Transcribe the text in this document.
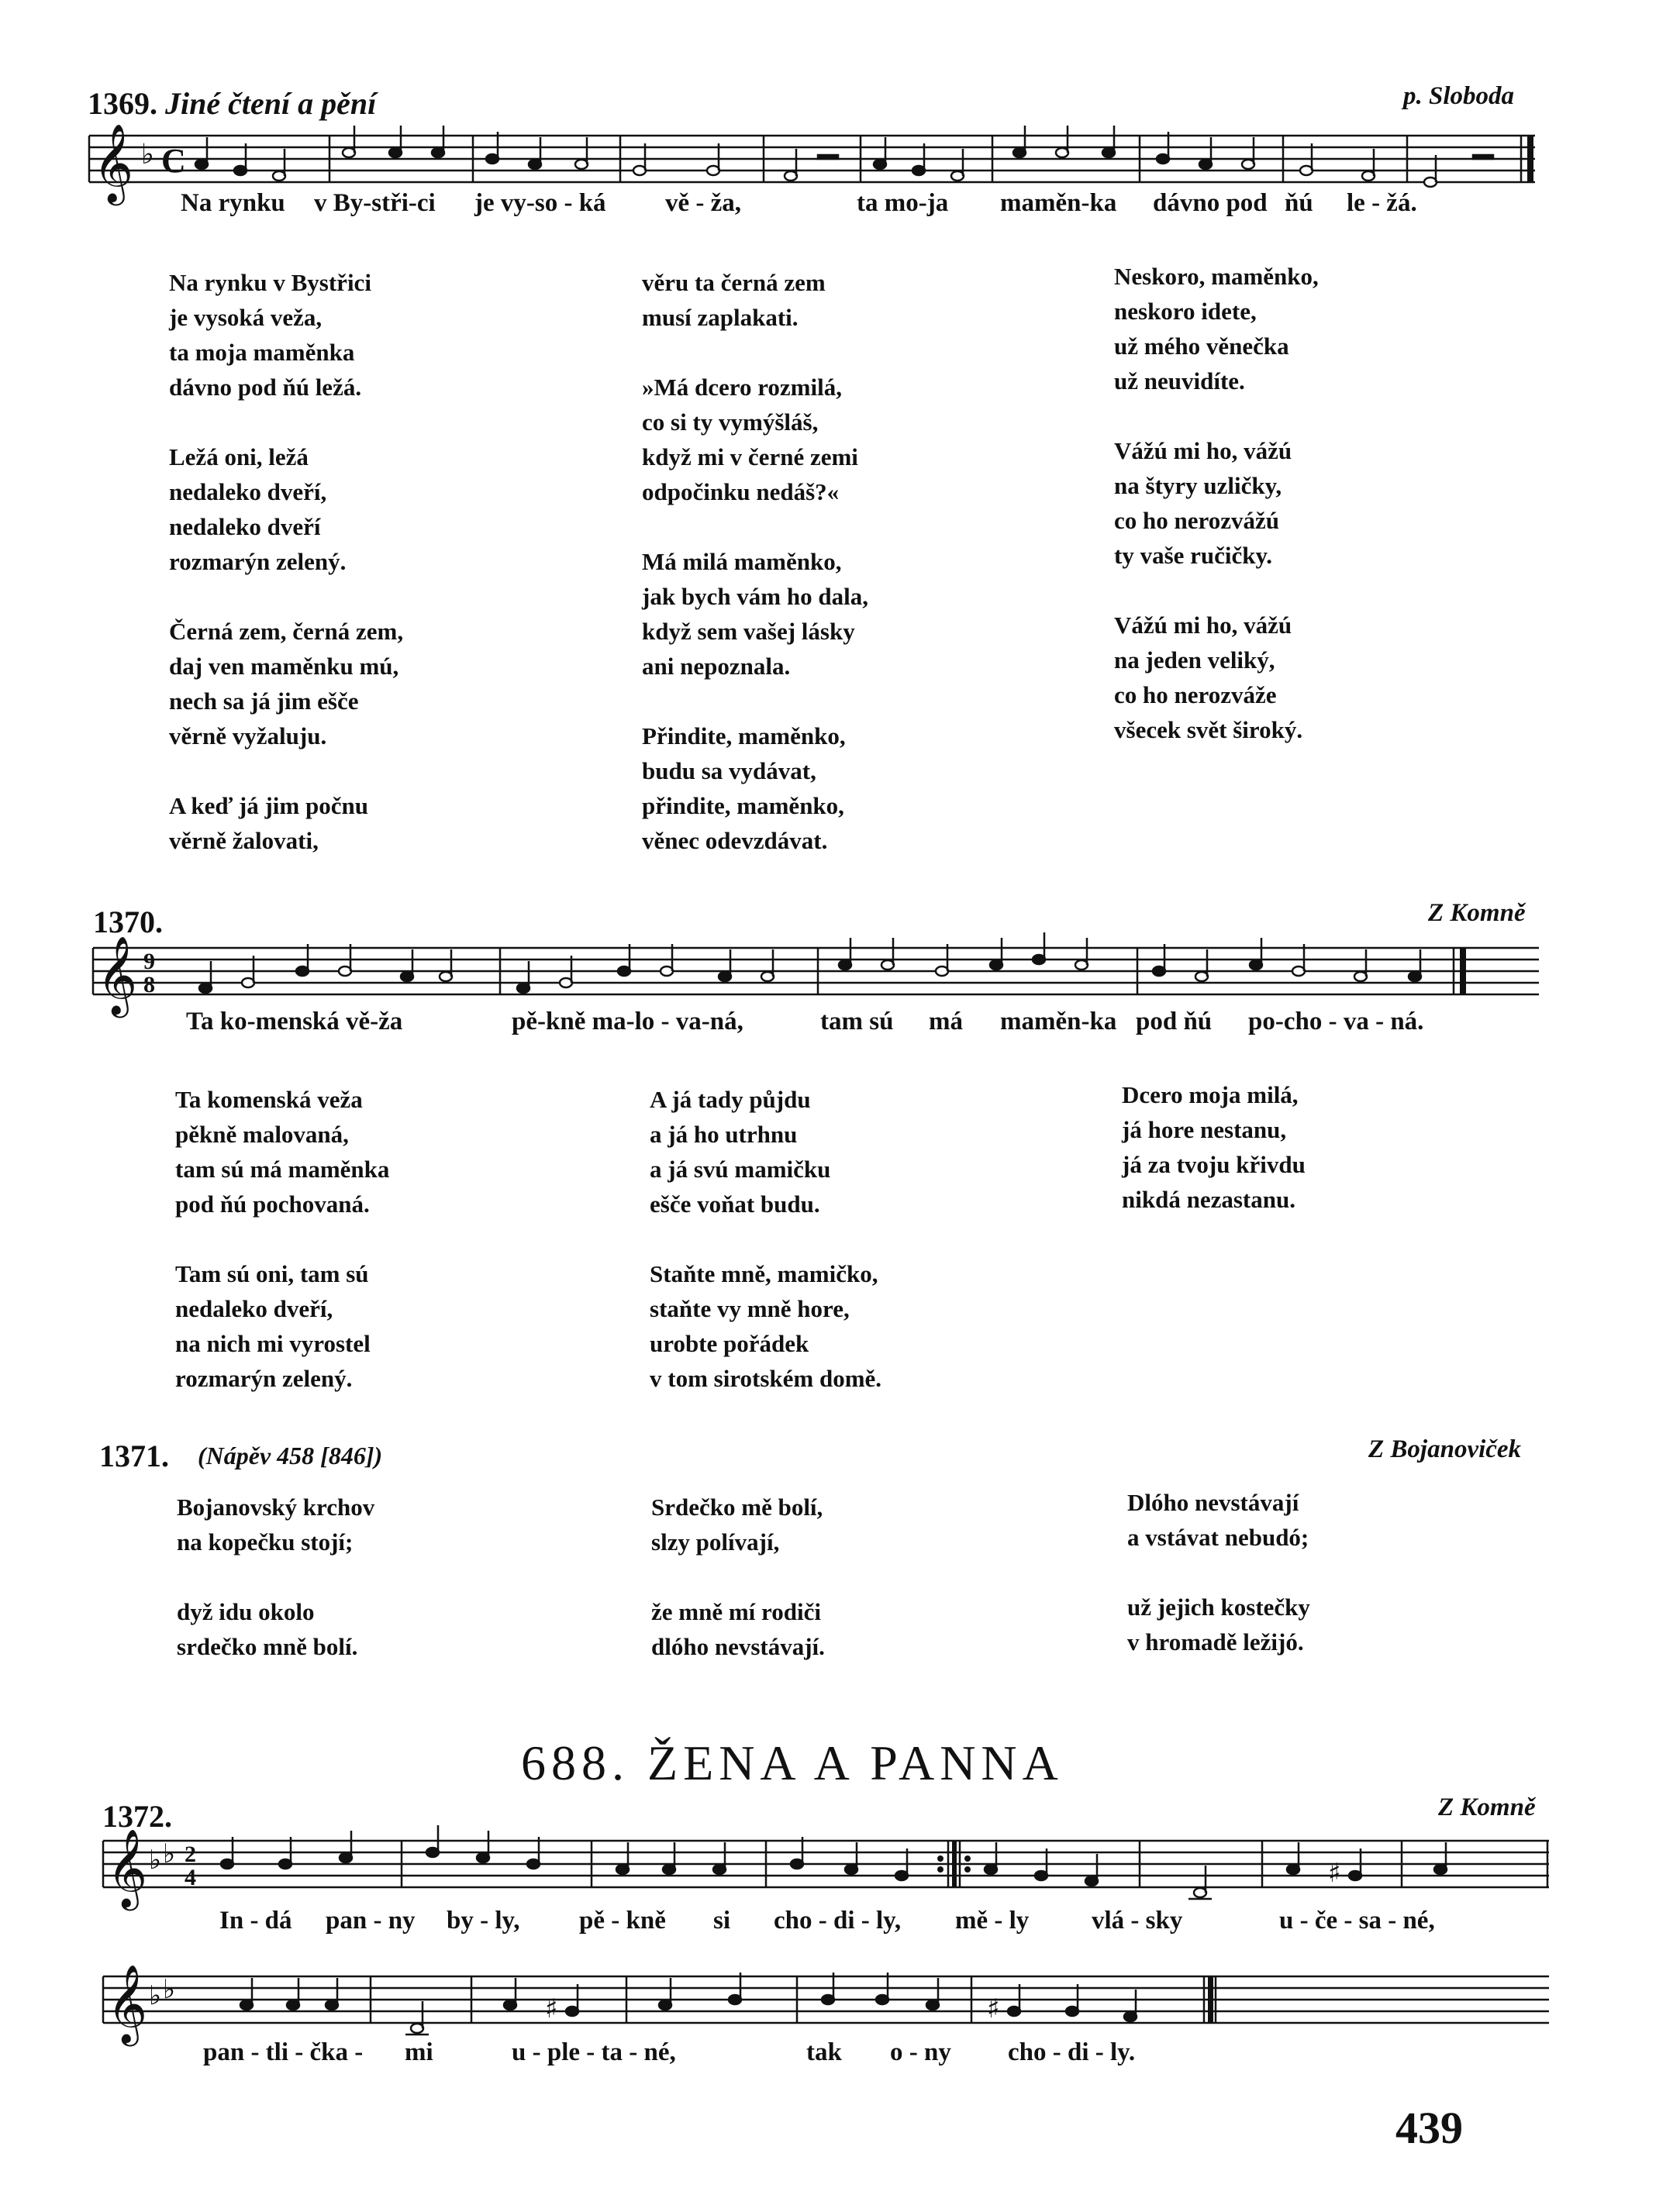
1369. Jiné čtení a pění	p. Sloboda
𝄞 ♭ C
Na rynku v By-stři-ci je vy-so - ká vě - ža,	ta mo-ja maměn-ka dávno pod ňú le - žá.
Na rynku v Bystřici
je vysoká veža,
ta moja maměnka
dávno pod ňú ležá.
Ležá oni, ležá
nedaleko dveří,
nedaleko dveří
rozmarýn zelený.
Černá zem, černá zem,
daj ven maměnku mú,
nech sa já jim ešče
věrně vyžaluju.
A keď já jim počnu
věrně žalovati,
věru ta černá zem
musí zaplakati.
»Má dcero rozmilá,
co si ty vymýšláš,
když mi v černé zemi
odpočinku nedáš?«
Má milá maměnko,
jak bych vám ho dala,
když sem vašej lásky
ani nepoznala.
Přindite, maměnko,
budu sa vydávat,
přindite, maměnko,
věnec odevzdávat.
Neskoro, maměnko,
neskoro idete,
už mého věnečka
už neuvidíte.
Vážú mi ho, vážú
na štyry uzličky,
co ho nerozvážú
ty vaše ručičky.
Vážú mi ho, vážú
na jeden veliký,
co ho nerozváže
všecek svět široký.
1370.	Z Komně
𝄞 9
8
Ta ko-menská vě-ža	pě-kně ma-lo - va-ná,	tam sú má maměn-ka pod ňú po-cho - va - ná.
Ta komenská veža
pěkně malovaná,
tam sú má maměnka
pod ňú pochovaná.
Tam sú oni, tam sú
nedaleko dveří,
na nich mi vyrostel
rozmarýn zelený.
A já tady půjdu
a já ho utrhnu
a já svú mamičku
ešče voňat budu.
Staňte mně, mamičko,
staňte vy mně hore,
urobte pořádek
v tom sirotském domě.
Dcero moja milá,
já hore nestanu,
já za tvoju křivdu
nikdá nezastanu.
1371. (Nápěv 458 [846])	Z Bojanoviček
Bojanovský krchov
na kopečku stojí;
dyž idu okolo
srdečko mně bolí.
Srdečko mě bolí,
slzy polívají,
že mně mí rodiči
dlóho nevstávají.
Dlóho nevstávají
a vstávat nebudó;
už jejich kostečky
v hromadě ležijó.
688. ŽENA A PANNA
1372.	Z Komně
𝄞 ♭ ♭ 2
4	♯
In - dá pan - ny by - ly, pě - kně si cho - di - ly, mě - ly vlá - sky	u - če - sa - né,
𝄞 ♭ ♭
♯	♯
pan - tli - čka - mi	u - ple - ta - né,	tak o - ny cho - di - ly.
439
